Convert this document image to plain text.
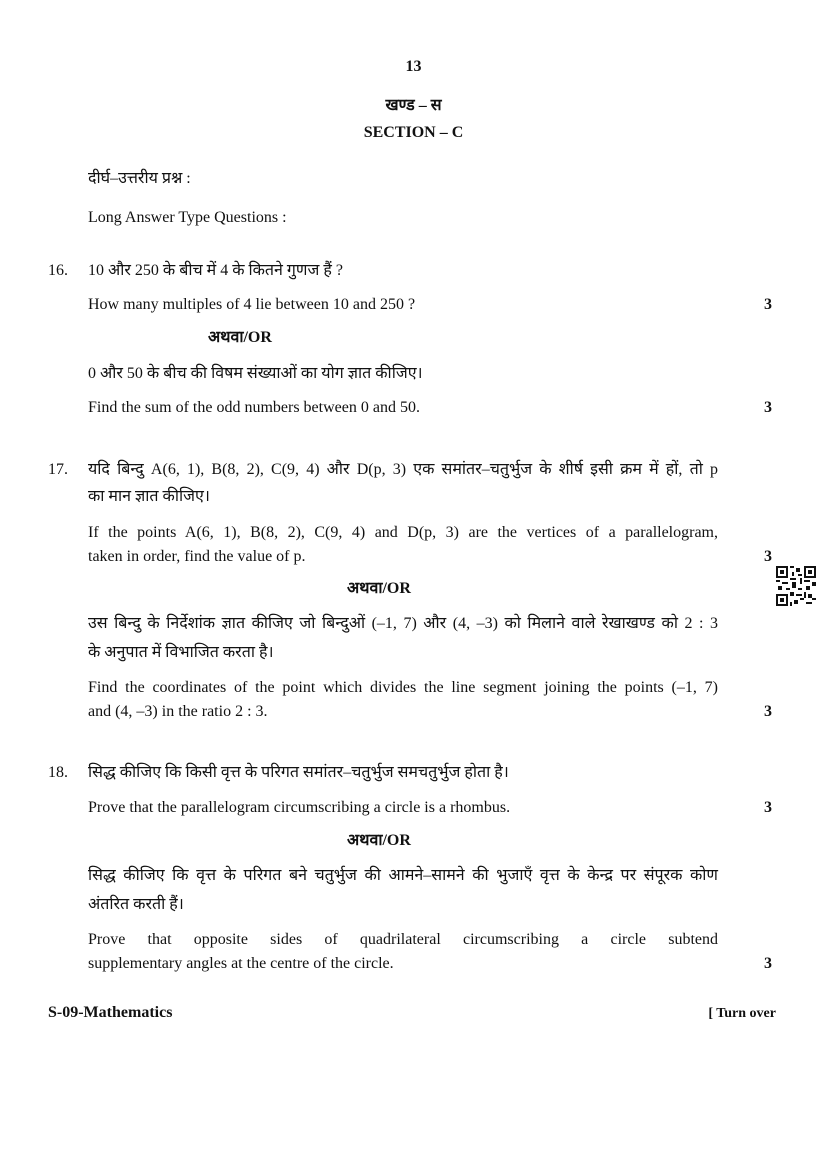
13
खण्ड – स
SECTION – C
दीर्घ–उत्तरीय प्रश्न :
Long Answer Type Questions :
16. 10 और 250 के बीच में 4 के कितने गुणज हैं ?
How many multiples of 4 lie between 10 and 250 ?	3
अथवा/OR
0 और 50 के बीच की विषम संख्याओं का योग ज्ञात कीजिए।
Find the sum of the odd numbers between 0 and 50.	3
17. यदि बिन्दु A(6, 1), B(8, 2), C(9, 4) और D(p, 3) एक समांतर–चतुर्भुज के शीर्ष इसी क्रम में हों, तो p
का मान ज्ञात कीजिए।
If the points A(6, 1), B(8, 2), C(9, 4) and D(p, 3) are the vertices of a parallelogram,
taken in order, find the value of p.	3
अथवा/OR
उस बिन्दु के निर्देशांक ज्ञात कीजिए जो बिन्दुओं (–1, 7) और (4, –3) को मिलाने वाले रेखाखण्ड को 2 : 3
के अनुपात में विभाजित करता है।
Find the coordinates of the point which divides the line segment joining the points (–1, 7)
and (4, –3) in the ratio 2 : 3.	3
18. सिद्ध कीजिए कि किसी वृत्त के परिगत समांतर–चतुर्भुज समचतुर्भुज होता है।
Prove that the parallelogram circumscribing a circle is a rhombus.	3
अथवा/OR
सिद्ध कीजिए कि वृत्त के परिगत बने चतुर्भुज की आमने–सामने की भुजाएँ वृत्त के केन्द्र पर संपूरक कोण
अंतरित करती हैं।
Prove that opposite sides of quadrilateral circumscribing a circle subtend
supplementary angles at the centre of the circle.	3
S-09-Mathematics	[ Turn over
